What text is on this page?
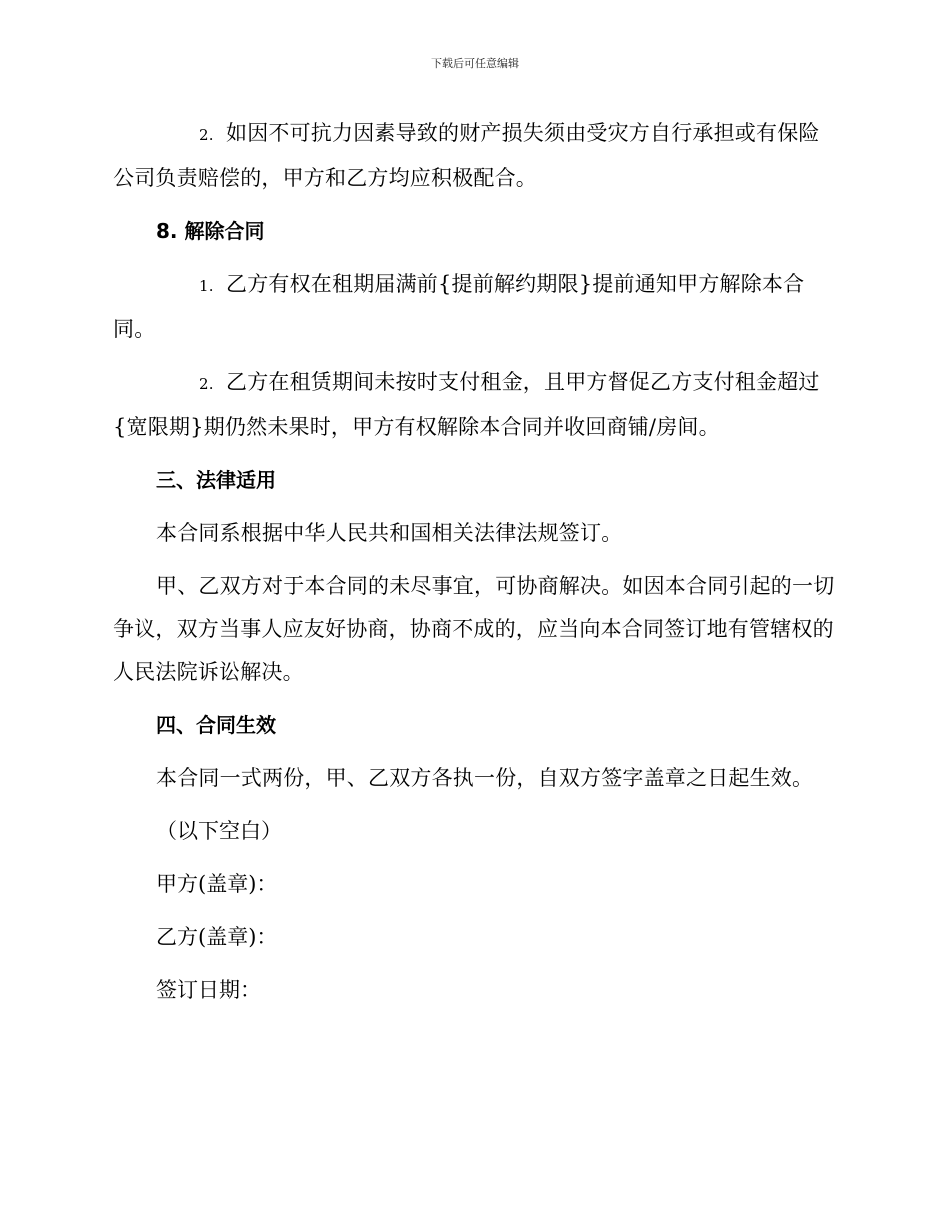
下载后可任意编辑
2. 如因不可抗力因素导致的财产损失须由受灾方自行承担或有保险
公司负责赔偿的，甲方和乙方均应积极配合。
8. 解除合同
1. 乙方有权在租期届满前{提前解约期限}提前通知甲方解除本合
同。
2. 乙方在租赁期间未按时支付租金，且甲方督促乙方支付租金超过
{宽限期}期仍然未果时，甲方有权解除本合同并收回商铺/房间。
三、法律适用
本合同系根据中华人民共和国相关法律法规签订。
甲、乙双方对于本合同的未尽事宜，可协商解决。如因本合同引起的一切争议，双方当事人应友好协商，协商不成的，应当向本合同签订地有管辖权的人民法院诉讼解决。
四、合同生效
本合同一式两份，甲、乙双方各执一份，自双方签字盖章之日起生效。
（以下空白）
甲方(盖章)：
乙方(盖章)：
签订日期：
